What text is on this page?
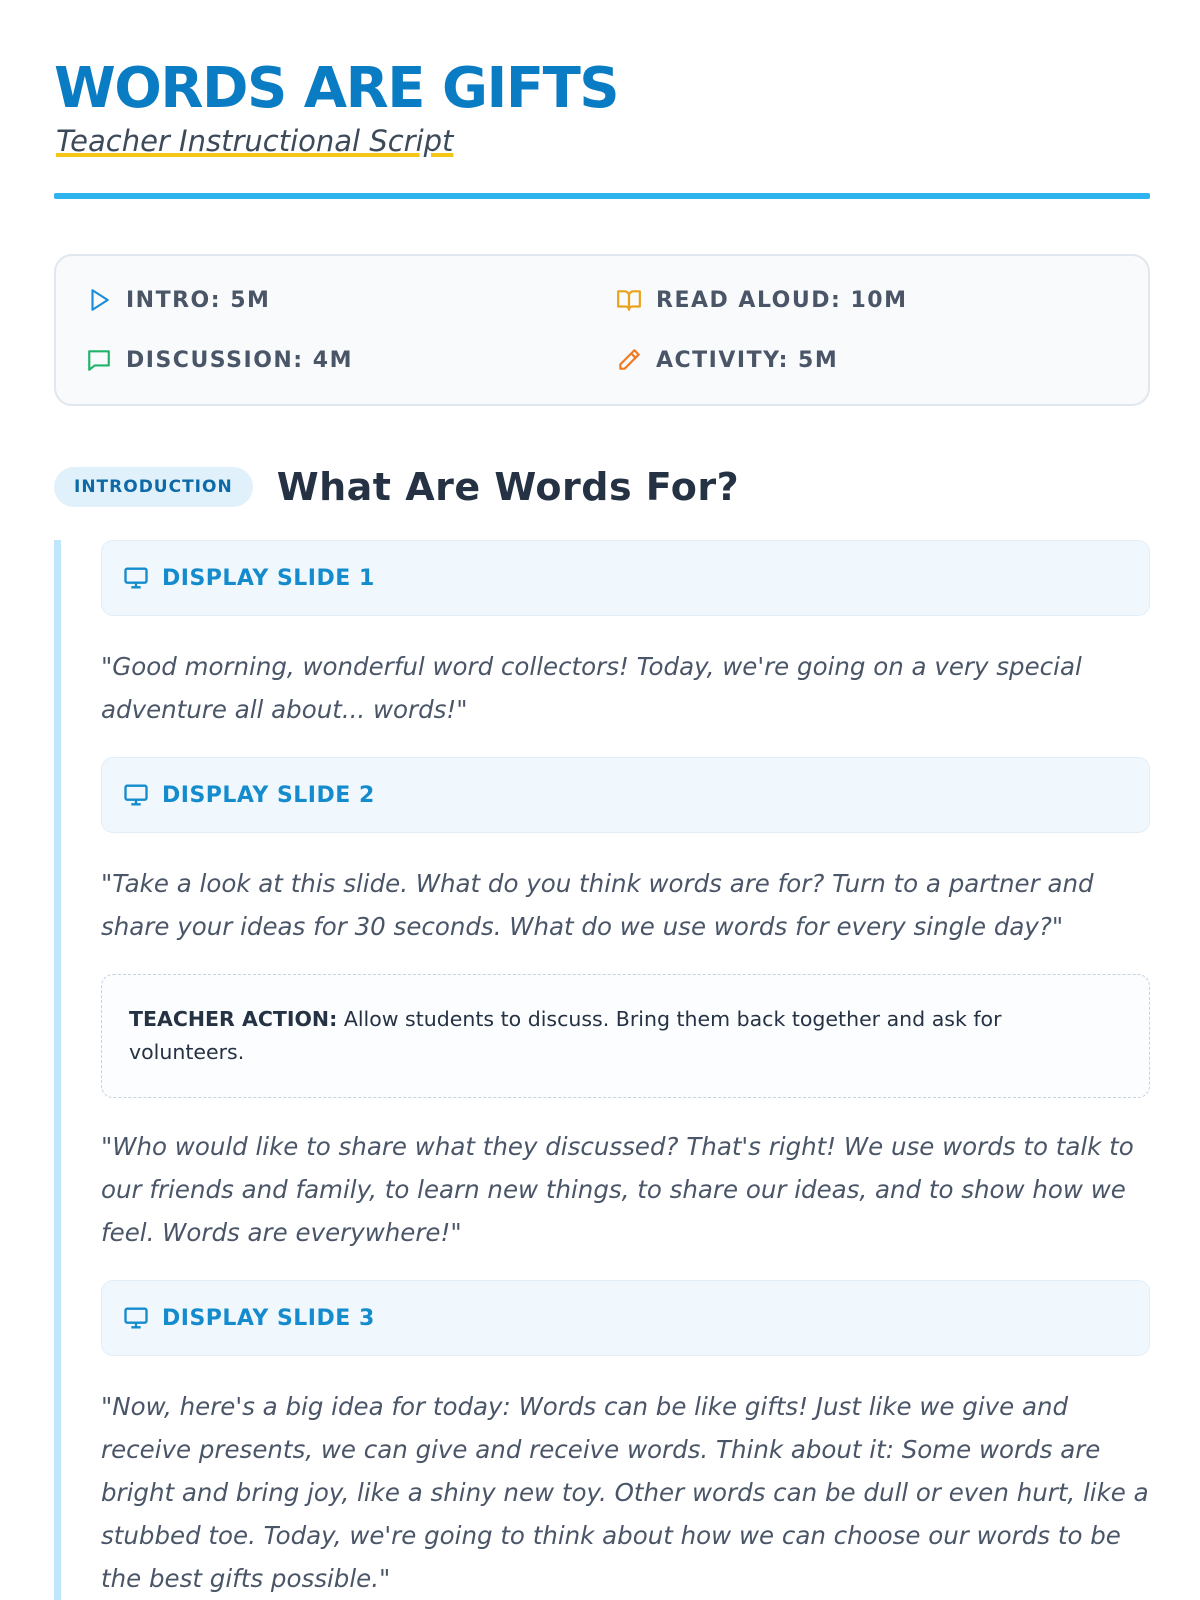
WORDS ARE GIFTS
Teacher Instructional Script
INTRO: 5M	READ ALOUD: 10M
DISCUSSION: 4M	ACTIVITY: 5M
INTRODUCTION	What Are Words For?
DISPLAY SLIDE 1

"Good morning, wonderful word collectors! Today, we're going on a very special adventure all about... words!"

DISPLAY SLIDE 2

"Take a look at this slide. What do you think words are for? Turn to a partner and share your ideas for 30 seconds. What do we use words for every single day?"

TEACHER ACTION: Allow students to discuss. Bring them back together and ask for volunteers.

"Who would like to share what they discussed? That's right! We use words to talk to our friends and family, to learn new things, to share our ideas, and to show how we feel. Words are everywhere!"

DISPLAY SLIDE 3

"Now, here's a big idea for today: Words can be like gifts! Just like we give and receive presents, we can give and receive words. Think about it: Some words are bright and bring joy, like a shiny new toy. Other words can be dull or even hurt, like a stubbed toe. Today, we're going to think about how we can choose our words to be the best gifts possible."
